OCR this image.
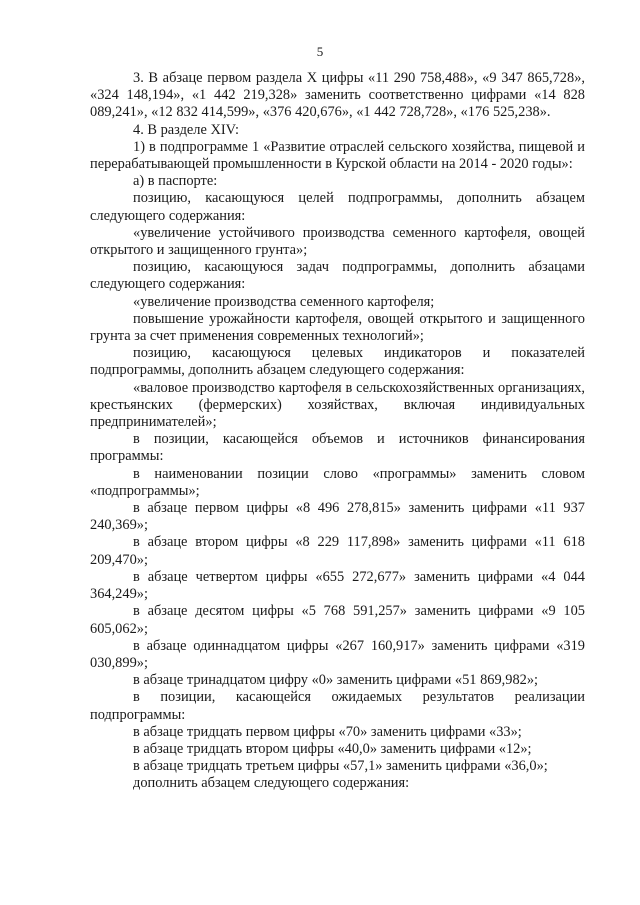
5

3. В абзаце первом раздела X цифры «11 290 758,488», «9 347 865,728», «324 148,194», «1 442 219,328» заменить соответственно цифрами «14 828 089,241», «12 832 414,599», «376 420,676», «1 442 728,728», «176 525,238».

4. В разделе XIV:

1) в подпрограмме 1 «Развитие отраслей сельского хозяйства, пищевой и перерабатывающей промышленности в Курской области на 2014 - 2020 годы»:

а) в паспорте:

позицию, касающуюся целей подпрограммы, дополнить абзацем следующего содержания:

«увеличение устойчивого производства семенного картофеля, овощей открытого и защищенного грунта»;

позицию, касающуюся задач подпрограммы, дополнить абзацами следующего содержания:

«увеличение производства семенного картофеля;

повышение урожайности картофеля, овощей открытого и защищенного грунта за счет применения современных технологий»;

позицию, касающуюся целевых индикаторов и показателей подпрограммы, дополнить абзацем следующего содержания:

«валовое производство картофеля в сельскохозяйственных организациях, крестьянских (фермерских) хозяйствах, включая индивидуальных предпринимателей»;

в позиции, касающейся объемов и источников финансирования программы:

в наименовании позиции слово «программы» заменить словом «подпрограммы»;

в абзаце первом цифры «8 496 278,815» заменить цифрами «11 937 240,369»;

в абзаце втором цифры «8 229 117,898» заменить цифрами «11 618 209,470»;

в абзаце четвертом цифры «655 272,677» заменить цифрами «4 044 364,249»;

в абзаце десятом цифры «5 768 591,257» заменить цифрами «9 105 605,062»;

в абзаце одиннадцатом цифры «267 160,917» заменить цифрами «319 030,899»;

в абзаце тринадцатом цифру «0» заменить цифрами «51 869,982»;

в позиции, касающейся ожидаемых результатов реализации подпрограммы:

в абзаце тридцать первом цифры «70» заменить цифрами «33»;

в абзаце тридцать втором цифры «40,0» заменить цифрами «12»;

в абзаце тридцать третьем цифры «57,1» заменить цифрами «36,0»;

дополнить абзацем следующего содержания:
